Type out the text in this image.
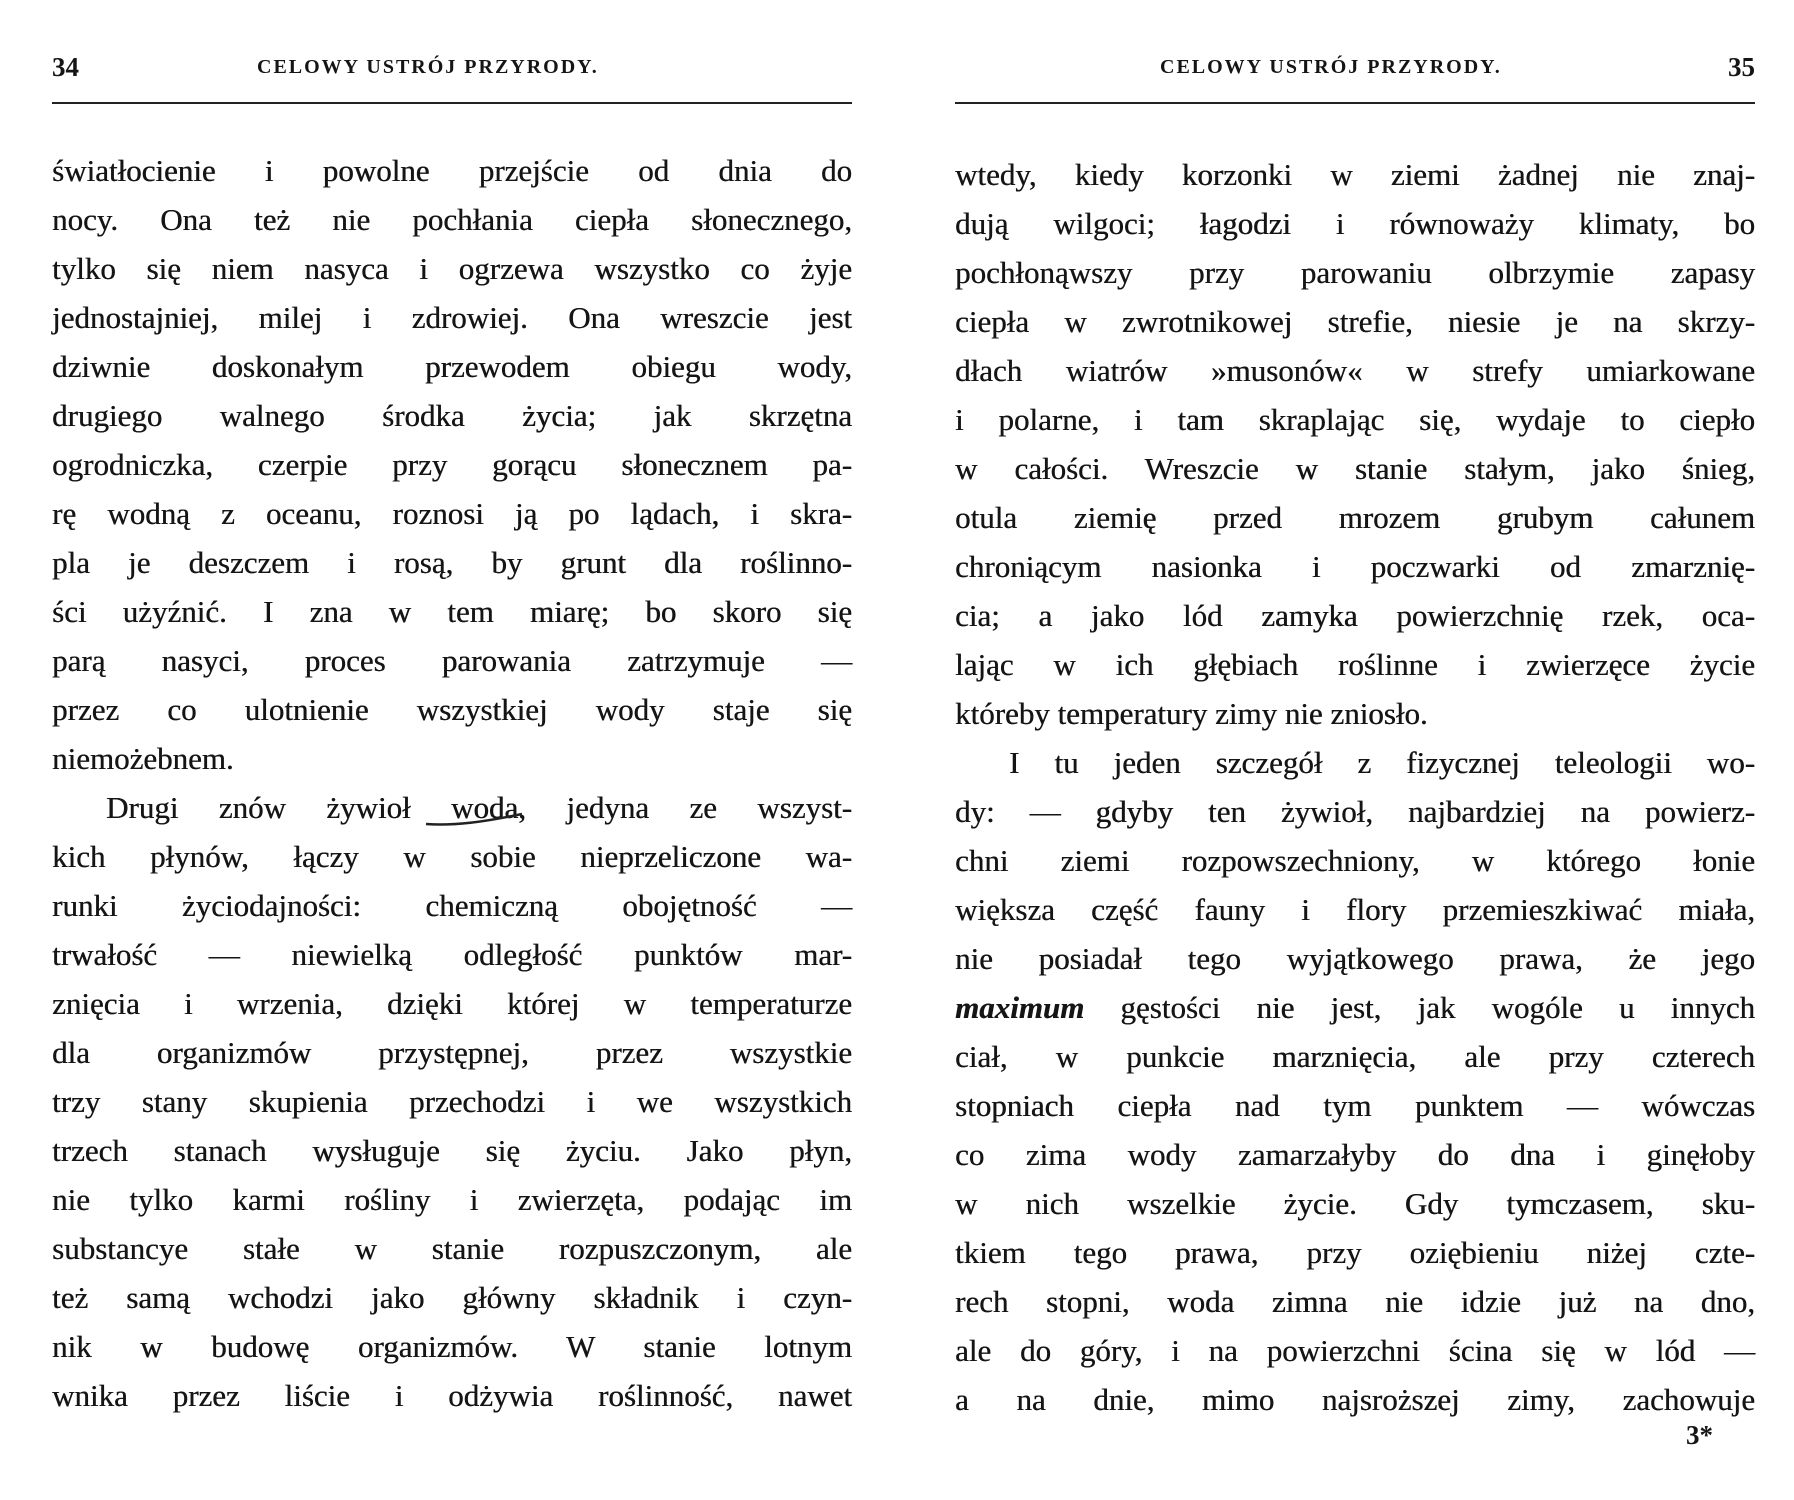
34	CELOWY USTRÓJ PRZYRODY.
światłocienie i powolne przejście od dnia do
nocy. Ona też nie pochłania ciepła słonecznego,
tylko się niem nasyca i ogrzewa wszystko co żyje
jednostajniej, milej i zdrowiej. Ona wreszcie jest
dziwnie doskonałym przewodem obiegu wody,
drugiego walnego środka życia; jak skrzętna
ogrodniczka, czerpie przy gorącu słonecznem pa-
rę wodną z oceanu, roznosi ją po lądach, i skra-
pla je deszczem i rosą, by grunt dla roślinno-
ści użyźnić. I zna w tem miarę; bo skoro się
parą nasyci, proces parowania zatrzymuje —
przez co ulotnienie wszystkiej wody staje się
niemożebnem.
Drugi znów żywioł woda, jedyna ze wszyst-
kich płynów, łączy w sobie nieprzeliczone wa-
runki życiodajności: chemiczną obojętność —
trwałość — niewielką odległość punktów mar-
znięcia i wrzenia, dzięki której w temperaturze
dla organizmów przystępnej, przez wszystkie
trzy stany skupienia przechodzi i we wszystkich
trzech stanach wysługuje się życiu. Jako płyn,
nie tylko karmi rośliny i zwierzęta, podając im
substancye stałe w stanie rozpuszczonym, ale
też samą wchodzi jako główny składnik i czyn-
nik w budowę organizmów. W stanie lotnym
wnika przez liście i odżywia roślinność, nawet
CELOWY USTRÓJ PRZYRODY.	35
wtedy, kiedy korzonki w ziemi żadnej nie znaj-
dują wilgoci; łagodzi i równoważy klimaty, bo
pochłonąwszy przy parowaniu olbrzymie zapasy
ciepła w zwrotnikowej strefie, niesie je na skrzy-
dłach wiatrów »musonów« w strefy umiarkowane
i polarne, i tam skraplając się, wydaje to ciepło
w całości. Wreszcie w stanie stałym, jako śnieg,
otula ziemię przed mrozem grubym całunem
chroniącym nasionka i poczwarki od zmarznię-
cia; a jako lód zamyka powierzchnię rzek, oca-
lając w ich głębiach roślinne i zwierzęce życie
któreby temperatury zimy nie zniosło.
I tu jeden szczegół z fizycznej teleologii wo-
dy: — gdyby ten żywioł, najbardziej na powierz-
chni ziemi rozpowszechniony, w którego łonie
większa część fauny i flory przemieszkiwać miała,
nie posiadał tego wyjątkowego prawa, że jego
maximum gęstości nie jest, jak wogóle u innych
ciał, w punkcie marznięcia, ale przy czterech
stopniach ciepła nad tym punktem — wówczas
co zima wody zamarzałyby do dna i ginęłoby
w nich wszelkie życie. Gdy tymczasem, sku-
tkiem tego prawa, przy oziębieniu niżej czte-
rech stopni, woda zimna nie idzie już na dno,
ale do góry, i na powierzchni ścina się w lód —
a na dnie, mimo najsroższej zimy, zachowuje
3*
